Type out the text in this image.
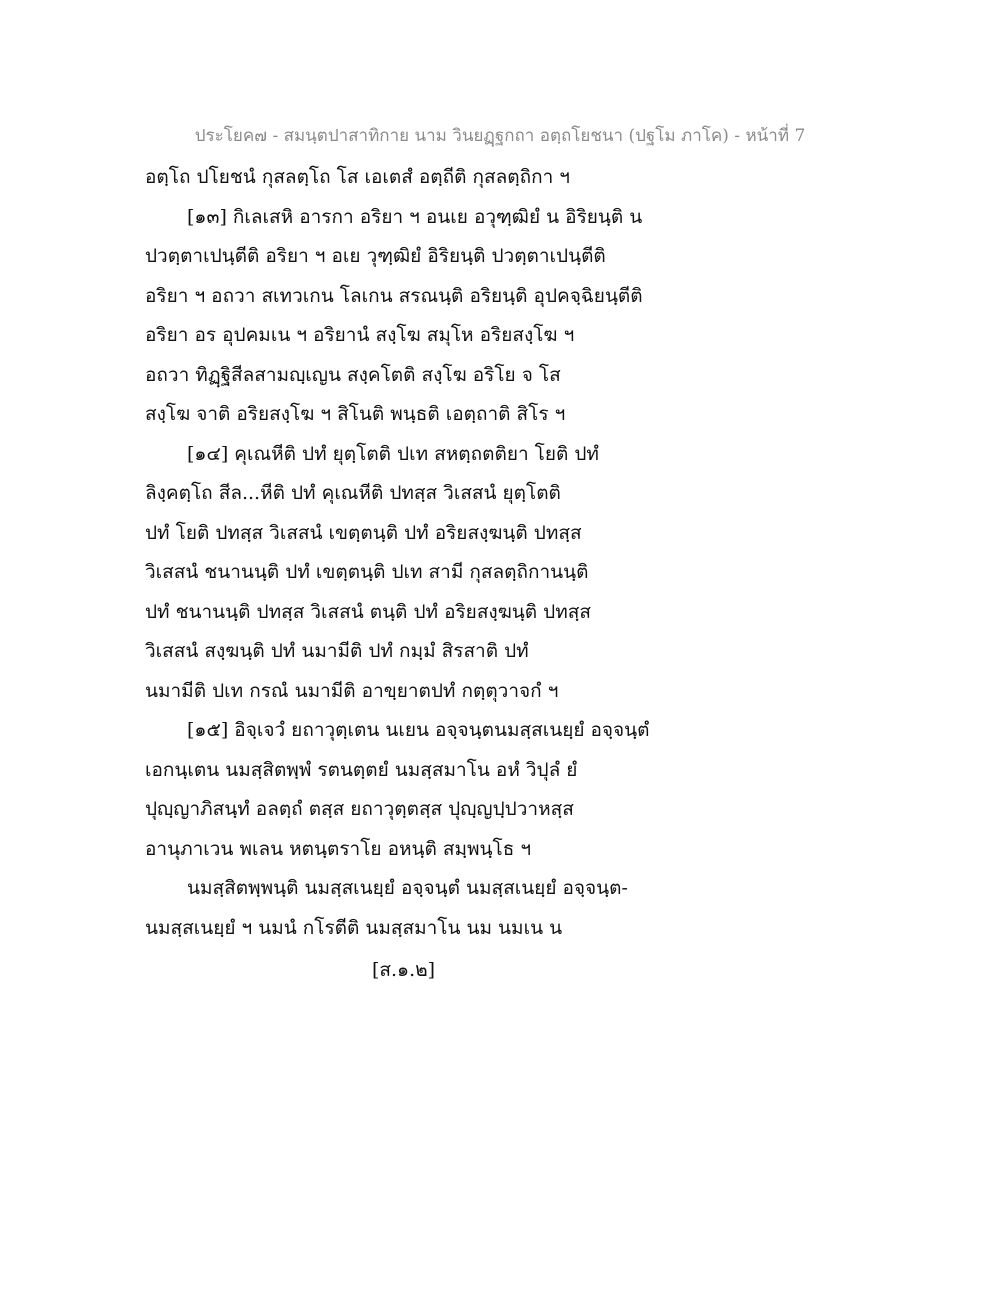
ประโยค๗ - สมนฺตปาสาทิกาย นาม วินยฏฺฐกถา อตฺถโยชนา (ปฐโม ภาโค) - หน้าที่ 7
อตฺโถ ปโยชนํ กุสลตฺโถ โส เอเตสํ อตฺถีติ กุสลตฺถิกา ฯ
[๑๓] กิเลเสหิ อารกา อริยา ฯ อนเย อวุฑฺฒิยํ น อิริยนฺติ น
ปวตฺตาเปนฺตีติ อริยา ฯ อเย วุฑฺฒิยํ อิริยนฺติ ปวตฺตาเปนฺตีติ
อริยา ฯ อถวา สเทวเกน โลเกน สรณนฺติ อริยนฺติ อุปคจฺฉิยนฺตีติ
อริยา อร อุปคมเน ฯ อริยานํ สงฺโฆ สมุโห อริยสงฺโฆ ฯ
อถวา ทิฏฺฐิสีลสามญฺเญน สงฺคโตติ สงฺโฆ อริโย จ โส
สงฺโฆ จาติ อริยสงฺโฆ ฯ สิโนติ พนฺธติ เอตฺถาติ สิโร ฯ
[๑๔] คุเณหีติ ปทํ ยุตฺโตติ ปเท สหตฺถตติยา โยติ ปทํ
ลิงฺคตฺโถ สีล...หีติ ปทํ คุเณหีติ ปทสฺส วิเสสนํ ยุตฺโตติ
ปทํ โยติ ปทสฺส วิเสสนํ เขตฺตนฺติ ปทํ อริยสงฺฆนฺติ ปทสฺส
วิเสสนํ ชนานนฺติ ปทํ เขตฺตนฺติ ปเท สามี กุสลตฺถิกานนฺติ
ปทํ ชนานนฺติ ปทสฺส วิเสสนํ ตนฺติ ปทํ อริยสงฺฆนฺติ ปทสฺส
วิเสสนํ สงฺฆนฺติ ปทํ นมามีติ ปทํ กมฺมํ สิรสาติ ปทํ
นมามีติ ปเท กรณํ นมามีติ อาขฺยาตปทํ กตฺตุวาจกํ ฯ
[๑๕] อิจฺเจวํ ยถาวุตฺเตน นเยน อจฺจนฺตนมสฺสเนยฺยํ อจฺจนฺตํ
เอกนฺเตน นมสฺสิตพฺพํ รตนตฺตยํ นมสฺสมาโน อหํ วิปุลํ ยํ
ปุญฺญาภิสนฺทํ อลตฺถํ ตสฺส ยถาวุตฺตสฺส ปุญฺญปฺปวาหสฺส
อานุภาเวน พเลน หตนฺตราโย อหนฺติ สมฺพนฺโธ ฯ
นมสฺสิตพฺพนฺติ นมสฺสเนยฺยํ อจฺจนฺตํ นมสฺสเนยฺยํ อจฺจนฺต-
นมสฺสเนยฺยํ ฯ นมนํ กโรตีติ นมสฺสมาโน นม นมเน น
[ส.๑.๒]
